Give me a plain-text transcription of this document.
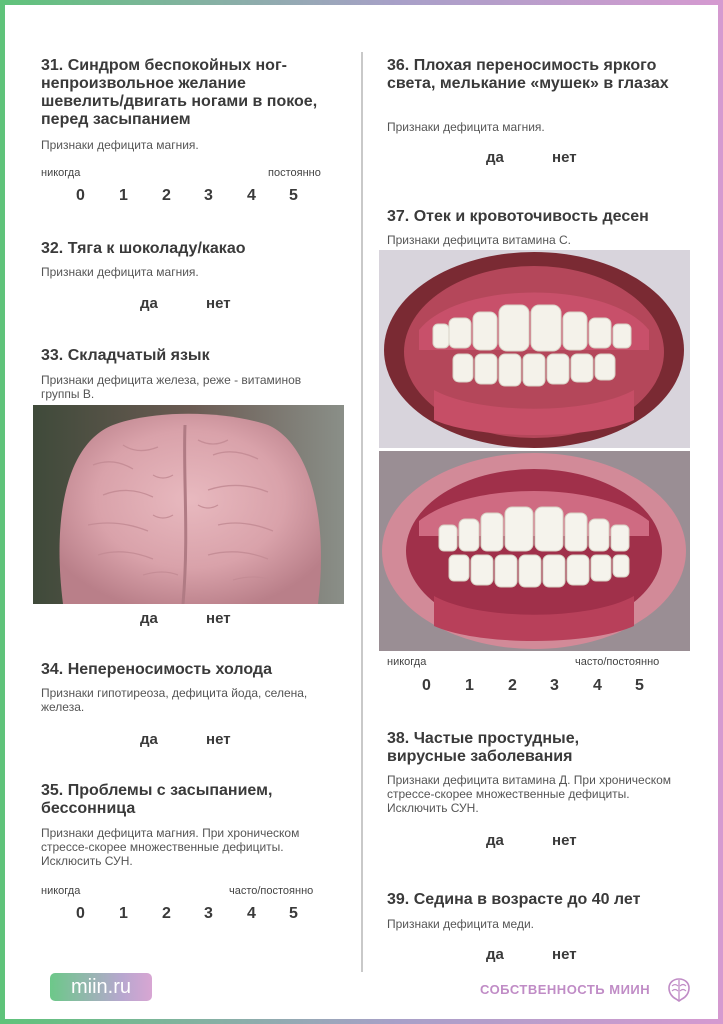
31. Синдром беспокойных ног- непроизвольное желание шевелить/двигать ногами в покое, перед засыпанием
Признаки дефицита магния.
никогда	постоянно
0 1 2 3 4 5
32. Тяга к шоколаду/какао
Признаки дефицита магния.
да	нет
33. Складчатый язык
Признаки дефицита железа, реже - витаминов группы В.
да	нет
34. Непереносимость холода
Признаки гипотиреоза, дефицита йода, селена, железа.
да	нет
35. Проблемы с засыпанием, бессонница
Признаки дефицита магния. При хроническом стрессе-скорее множественные дефициты. Исклюсить СУН.
никогда	часто/постоянно
0 1 2 3 4 5
36. Плохая переносимость яркого света, мелькание «мушек» в глазах
Признаки дефицита магния.
да	нет
37. Отек и кровоточивость десен
Признаки дефицита витамина С.
никогда	часто/постоянно
0 1 2 3 4 5
38. Частые простудные, вирусные заболевания
Признаки дефицита витамина Д. При хроническом стрессе-скорее множественные дефициты. Исключить СУН.
да	нет
39. Седина в возрасте до 40 лет
Признаки дефицита меди.
да	нет
miin.ru	СОБСТВЕННОСТЬ МИИН
